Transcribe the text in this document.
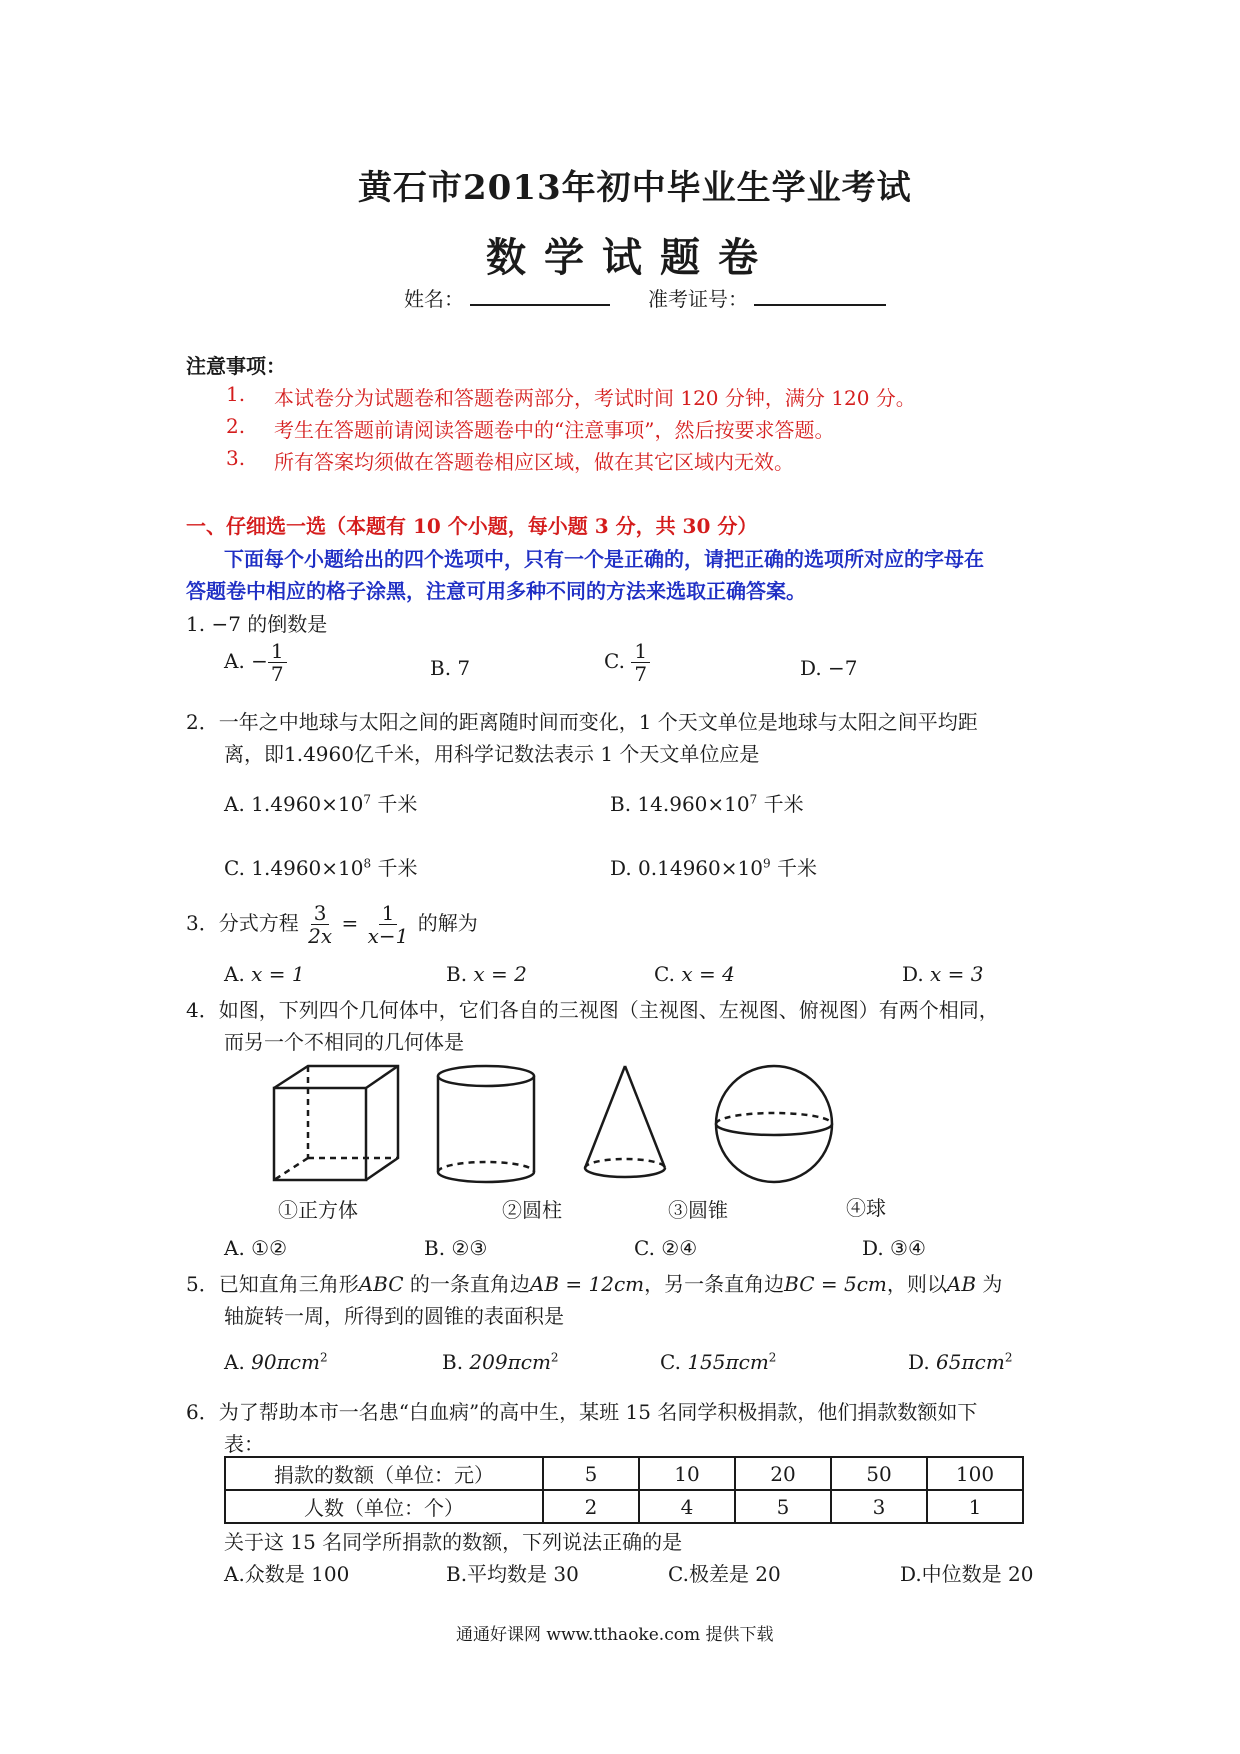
黄石市2013年初中毕业生学业考试
数学试题卷
姓名：	准考证号：
注意事项：
1. 本试卷分为试题卷和答题卷两部分，考试时间 120 分钟，满分 120 分。
2. 考生在答题前请阅读答题卷中的“注意事项”，然后按要求答题。
3. 所有答案均须做在答题卷相应区域，做在其它区域内无效。
一、仔细选一选（本题有 10 个小题，每小题 3 分，共 30 分）
下面每个小题给出的四个选项中，只有一个是正确的，请把正确的选项所对应的字母在
答题卷中相应的格子涂黑，注意可用多种不同的方法来选取正确答案。
1. −7 的倒数是
A. − $\frac{1}{7}$	B. 7	C. $\frac{1}{7}$	D. −7
2．一年之中地球与太阳之间的距离随时间而变化，1 个天文单位是地球与太阳之间平均距
离，即1.4960亿千米，用科学记数法表示 1 个天文单位应是
A. $1.4960\times 10^7$ 千米	B. $14.960\times 10^7$ 千米
C. $1.4960\times 10^8$ 千米	D. $0.14960\times 10^9$ 千米
3．分式方程 $\frac{3}{2x} = \frac{1}{x-1}$ 的解为
A. x = 1	B. x = 2	C. x = 4	D. x = 3
4．如图，下列四个几何体中，它们各自的三视图（主视图、左视图、俯视图）有两个相同，
而另一个不相同的几何体是
①正方体	②圆柱	③圆锥	④球
A. ①②	B. ②③	C. ②④	D. ③④
5．已知直角三角形ABC 的一条直角边AB = 12cm，另一条直角边BC = 5cm，则以AB 为
轴旋转一周，所得到的圆锥的表面积是
A. 90πcm$^2$	B. 209πcm$^2$	C. 155πcm$^2$	D. 65πcm$^2$
6．为了帮助本市一名患“白血病”的高中生，某班 15 名同学积极捐款，他们捐款数额如下
表：
捐款的数额（单位：元）	5	10	20	50	100
人数（单位：个）	2	4	5	3	1
关于这 15 名同学所捐款的数额，下列说法正确的是
A.众数是 100	B.平均数是 30	C.极差是 20	D.中位数是 20
通通好课网 www.tthaoke.com 提供下载
